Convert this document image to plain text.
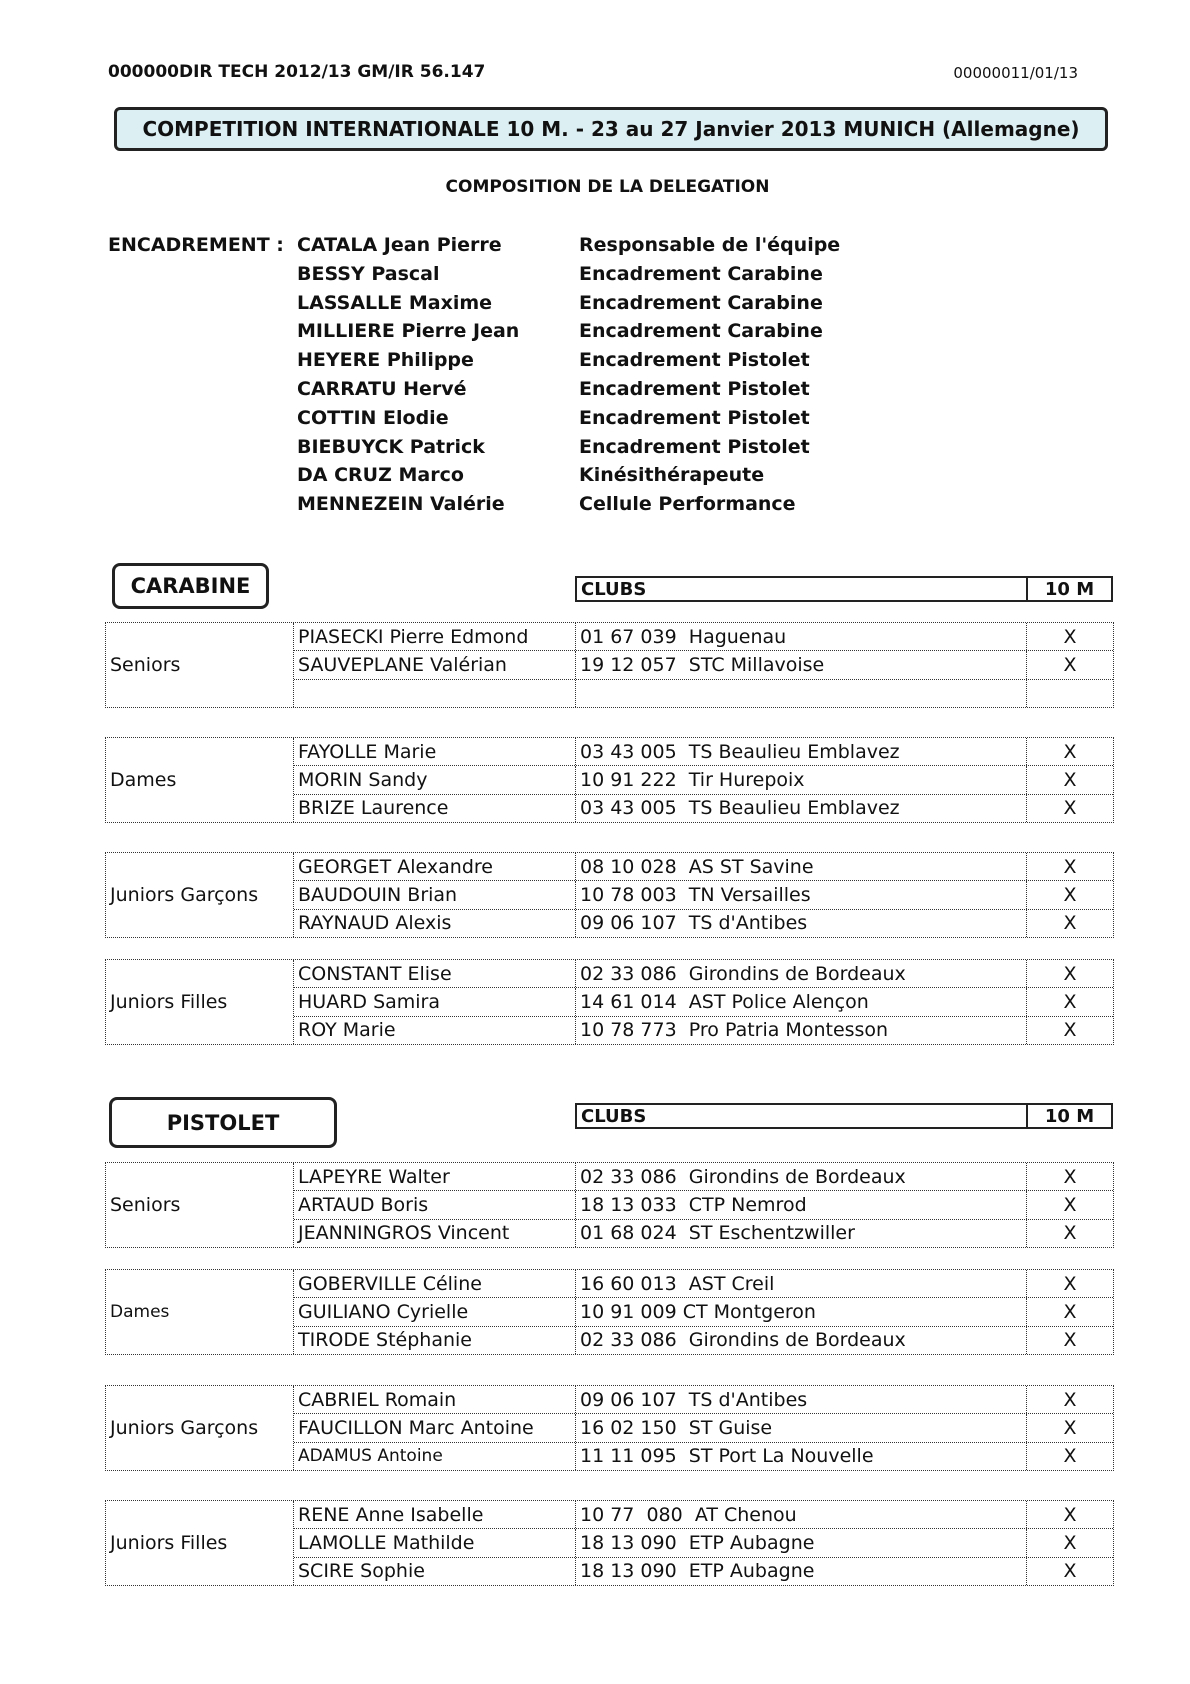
000000DIR TECH 2012/13 GM/IR 56.147	00000011/01/13
COMPETITION INTERNATIONALE 10 M. - 23 au 27 Janvier 2013 MUNICH (Allemagne)
COMPOSITION DE LA DELEGATION
ENCADREMENT : CATALA Jean Pierre	Responsable de l'équipe
BESSY Pascal	Encadrement Carabine
LASSALLE Maxime	Encadrement Carabine
MILLIERE Pierre Jean	Encadrement Carabine
HEYERE Philippe	Encadrement Pistolet
CARRATU Hervé	Encadrement Pistolet
COTTIN Elodie	Encadrement Pistolet
BIEBUYCK Patrick	Encadrement Pistolet
DA CRUZ Marco	Kinésithérapeute
MENNEZEIN Valérie	Cellule Performance
CARABINE	CLUBS	10 M
Seniors
PIASECKI Pierre Edmond	01 67 039  Haguenau	X
SAUVEPLANE Valérian	19 12 057  STC Millavoise	X
Dames
FAYOLLE Marie	03 43 005  TS Beaulieu Emblavez	X
MORIN Sandy	10 91 222  Tir Hurepoix	X
BRIZE Laurence	03 43 005  TS Beaulieu Emblavez	X
Juniors Garçons
GEORGET Alexandre	08 10 028  AS ST Savine	X
BAUDOUIN Brian	10 78 003  TN Versailles	X
RAYNAUD Alexis	09 06 107  TS d'Antibes	X
Juniors Filles
CONSTANT Elise	02 33 086  Girondins de Bordeaux	X
HUARD Samira	14 61 014  AST Police Alençon	X
ROY Marie	10 78 773  Pro Patria Montesson	X
PISTOLET	CLUBS	10 M
Seniors
LAPEYRE Walter	02 33 086  Girondins de Bordeaux	X
ARTAUD Boris	18 13 033  CTP Nemrod	X
JEANNINGROS Vincent	01 68 024  ST Eschentzwiller	X
Dames
GOBERVILLE Céline	16 60 013  AST Creil	X
GUILIANO Cyrielle	10 91 009 CT Montgeron	X
TIRODE Stéphanie	02 33 086  Girondins de Bordeaux	X
Juniors Garçons
CABRIEL Romain	09 06 107  TS d'Antibes	X
FAUCILLON Marc Antoine	16 02 150  ST Guise	X
ADAMUS Antoine	11 11 095  ST Port La Nouvelle	X
Juniors Filles
RENE Anne Isabelle	10 77  080  AT Chenou	X
LAMOLLE Mathilde	18 13 090  ETP Aubagne	X
SCIRE Sophie	18 13 090  ETP Aubagne	X
